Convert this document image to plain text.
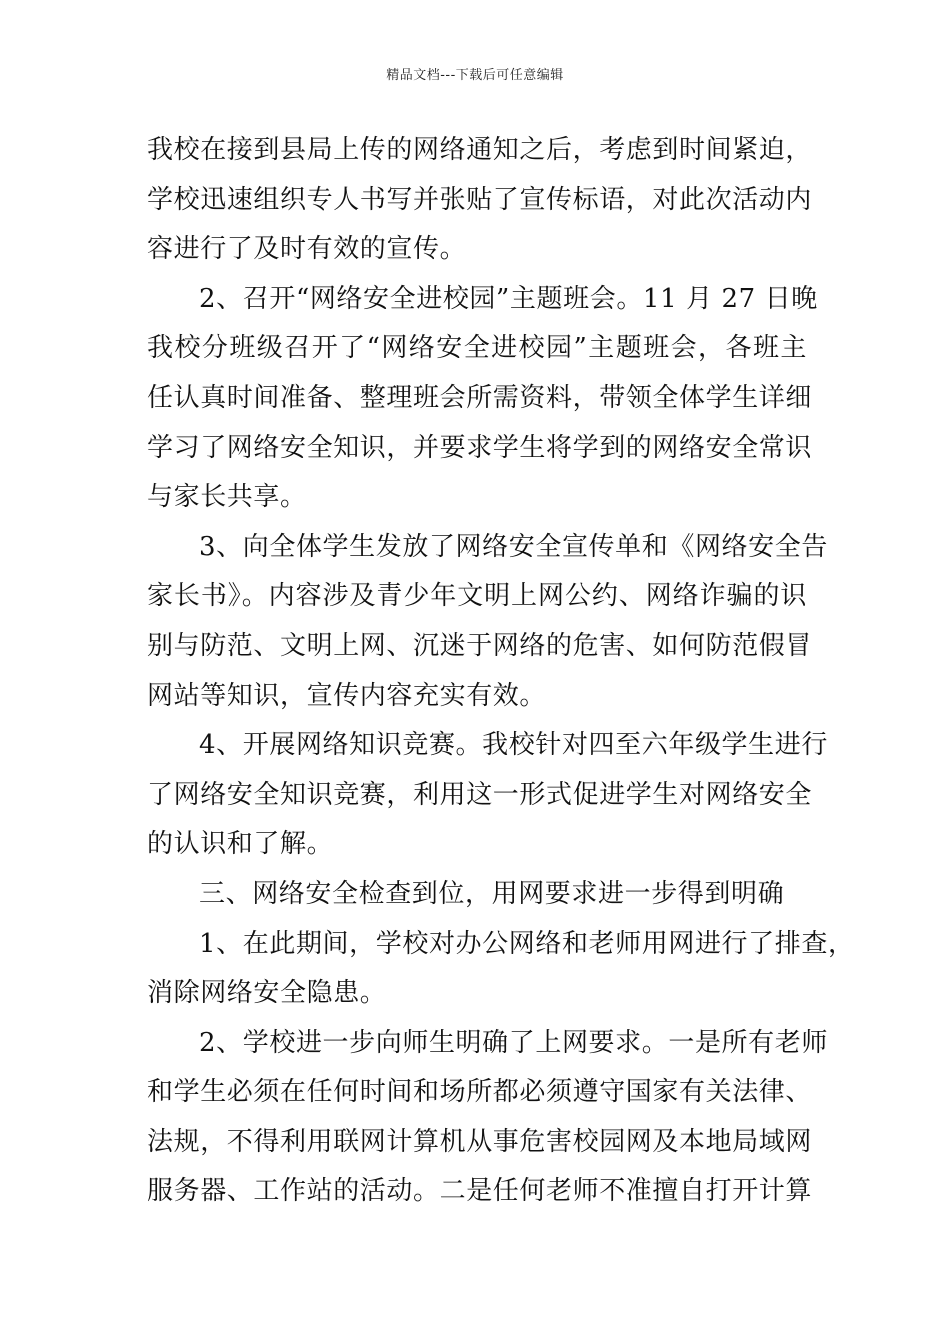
精品文档---下载后可任意编辑
我校在接到县局上传的网络通知之后，考虑到时间紧迫，
学校迅速组织专人书写并张贴了宣传标语，对此次活动内
容进行了及时有效的宣传。
2、召开“网络安全进校园”主题班会。11 月 27 日晚
我校分班级召开了“网络安全进校园”主题班会，各班主
任认真时间准备、整理班会所需资料，带领全体学生详细
学习了网络安全知识，并要求学生将学到的网络安全常识
与家长共享。
3、向全体学生发放了网络安全宣传单和《网络安全告
家长书》。内容涉及青少年文明上网公约、网络诈骗的识
别与防范、文明上网、沉迷于网络的危害、如何防范假冒
网站等知识，宣传内容充实有效。
4、开展网络知识竞赛。我校针对四至六年级学生进行
了网络安全知识竞赛，利用这一形式促进学生对网络安全
的认识和了解。
三、网络安全检查到位，用网要求进一步得到明确
1、在此期间，学校对办公网络和老师用网进行了排查，
消除网络安全隐患。
2、学校进一步向师生明确了上网要求。一是所有老师
和学生必须在任何时间和场所都必须遵守国家有关法律、
法规，不得利用联网计算机从事危害校园网及本地局域网
服务器、工作站的活动。二是任何老师不准擅自打开计算
